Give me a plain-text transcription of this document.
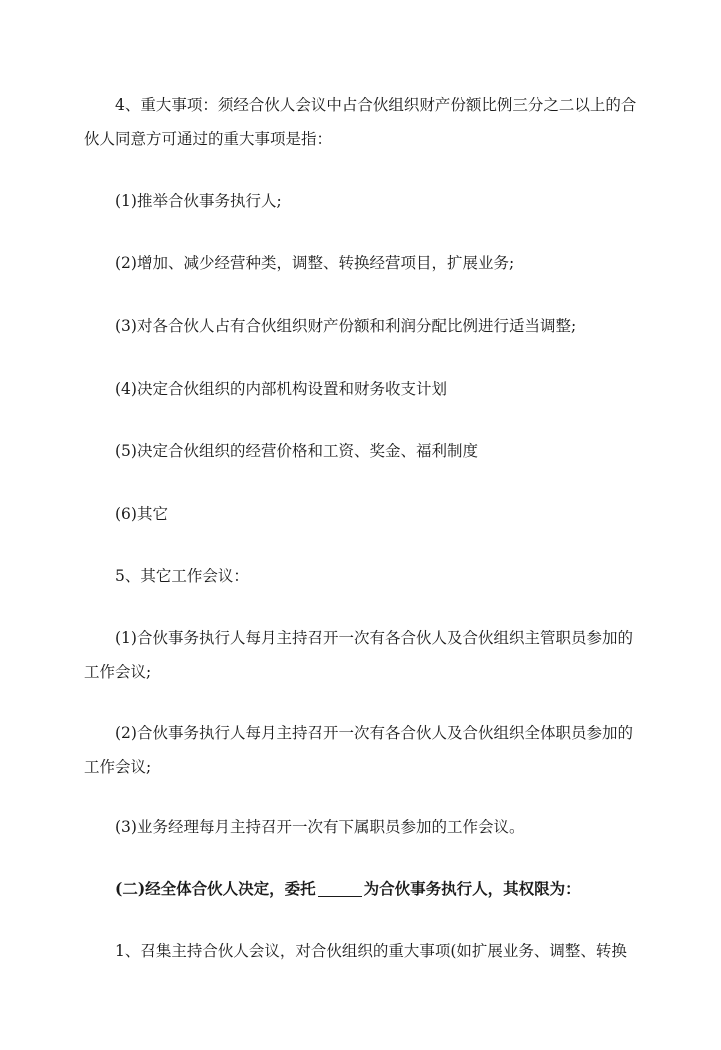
4、重大事项：须经合伙人会议中占合伙组织财产份额比例三分之二以上的合伙人同意方可通过的重大事项是指：

(1)推举合伙事务执行人;

(2)增加、减少经营种类，调整、转换经营项目，扩展业务;

(3)对各合伙人占有合伙组织财产份额和利润分配比例进行适当调整;

(4)决定合伙组织的内部机构设置和财务收支计划

(5)决定合伙组织的经营价格和工资、奖金、福利制度

(6)其它

5、其它工作会议：

(1)合伙事务执行人每月主持召开一次有各合伙人及合伙组织主管职员参加的工作会议;

(2)合伙事务执行人每月主持召开一次有各合伙人及合伙组织全体职员参加的工作会议;

(3)业务经理每月主持召开一次有下属职员参加的工作会议。

(二)经全体合伙人决定，委托	为合伙事务执行人，其权限为：

1、召集主持合伙人会议，对合伙组织的重大事项(如扩展业务、调整、转换
